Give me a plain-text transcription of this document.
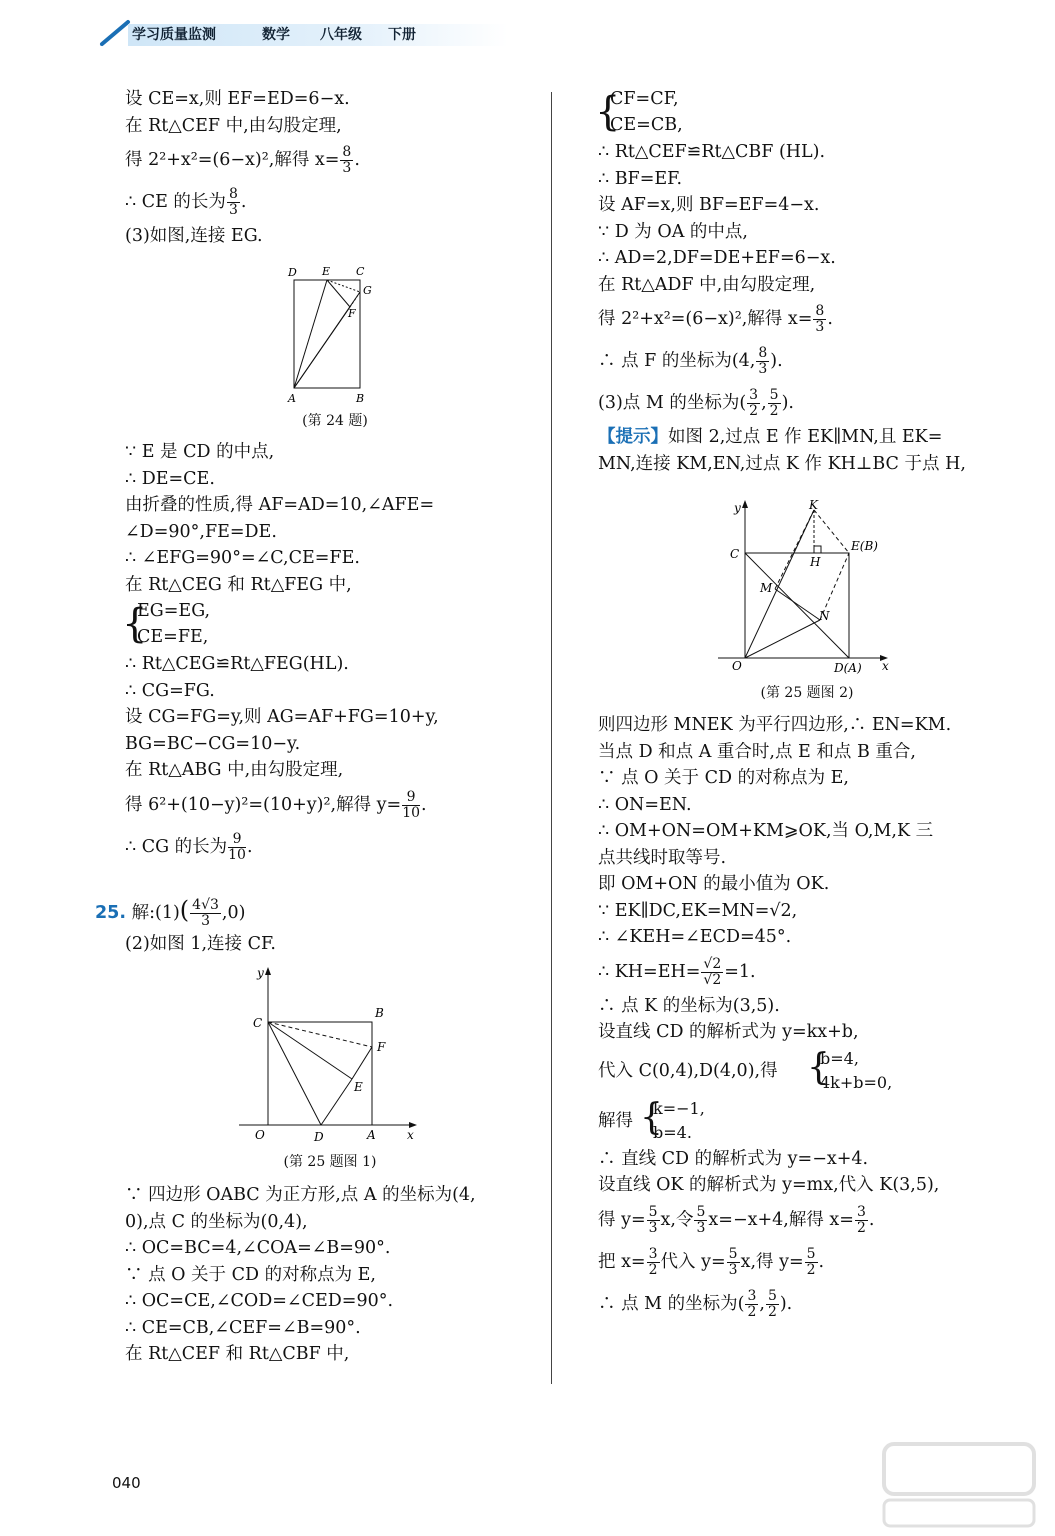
学习质量监测	数学 八年级 下册
设 CE=x,则 EF=ED=6−x.
在 Rt△CEF 中,由勾股定理,
得 2²+x²=(6−x)²,解得 $x= \frac{8}{3}$ .
∴ CE 的长为 $\frac{8}{3}$ .
(3)如图,连接 EG.
D E C
G
F
A	B
(第 24 题)
∵ E 是 CD 的中点,
∴ DE=CE.
由折叠的性质,得 AF=AD=10,∠AFE=
∠D=90°,FE=DE.
∴ ∠EFG=90°=∠C,CE=FE.
在 Rt△CEG 和 Rt△FEG 中,
{
EG=EG,
CE=FE,
∴ Rt△CEG≌Rt△FEG(HL).
∴ CG=FG.
设 CG=FG=y,则 AG=AF+FG=10+y,
BG=BC−CG=10−y.
在 Rt△ABG 中,由勾股定理,
得 6²+(10−y)²=(10+y)²,解得 $y= \frac{9}{10}$ .
∴ CG 的长为 $\frac{9}{10}$ .
25. 解:(1)( $\frac{4√3}{3} ,0$)
(2)如图 1,连接 CF.
y
C
B
F
E
O	D	A	x
(第 25 题图 1)
∵ 四边形 OABC 为正方形,点 A 的坐标为(4,
0),点 C 的坐标为(0,4),
∴ OC=BC=4,∠COA=∠B=90°.
∵ 点 O 关于 CD 的对称点为 E,
∴ OC=CE,∠COD=∠CED=90°.
∴ CE=CB,∠CEF=∠B=90°.
在 Rt△CEF 和 Rt△CBF 中,
{
CF=CF,
CE=CB,
∴ Rt△CEF≌Rt△CBF (HL).
∴ BF=EF.
设 AF=x,则 BF=EF=4−x.
∵ D 为 OA 的中点,
∴ AD=2,DF=DE+EF=6−x.
在 Rt△ADF 中,由勾股定理,
得 2²+x²=(6−x)²,解得 $x= \frac{8}{3}$ .
∴ 点 F 的坐标为(4, $\frac{8}{3}$ ).
(3)点 M 的坐标为( $\frac{3}{2}$ , $\frac{5}{2}$ ).
【提示】如图 2,过点 E 作 EK∥MN,且 EK=
MN,连接 KM,EN,过点 K 作 KH⊥BC 于点 H,
y	K
C
H
E(B)
M
N
O	D(A) x
(第 25 题图 2)
则四边形 MNEK 为平行四边形,∴ EN=KM.
当点 D 和点 A 重合时,点 E 和点 B 重合,
∵ 点 O 关于 CD 的对称点为 E,
∴ ON=EN.
∴ OM+ON=OM+KM⩾OK,当 O,M,K 三
点共线时取等号.
即 OM+ON 的最小值为 OK.
∵ EK∥DC,EK=MN=√2,
∴ ∠KEH=∠ECD=45°.
∴ $KH=EH= \frac{√2}{√2} =1$.
∴ 点 K 的坐标为(3,5).
设直线 CD 的解析式为 y=kx+b,
代入 C(0,4),D(4,0),得 {
b=4,
4k+b=0,
解得 {
k=−1,
b=4.
∴ 直线 CD 的解析式为 y=−x+4.
设直线 OK 的解析式为 y=mx,代入 K(3,5),
得 $y= \frac{5}{3} x$,令 $\frac{5}{3} x=-x+4$,解得 $x= \frac{3}{2}$ .
把 $x= \frac{3}{2}$ 代入 $y= \frac{5}{3} x$,得 $y= \frac{5}{2}$ .
∴ 点 M 的坐标为( $\frac{3}{2}$ , $\frac{5}{2}$ ).
040
